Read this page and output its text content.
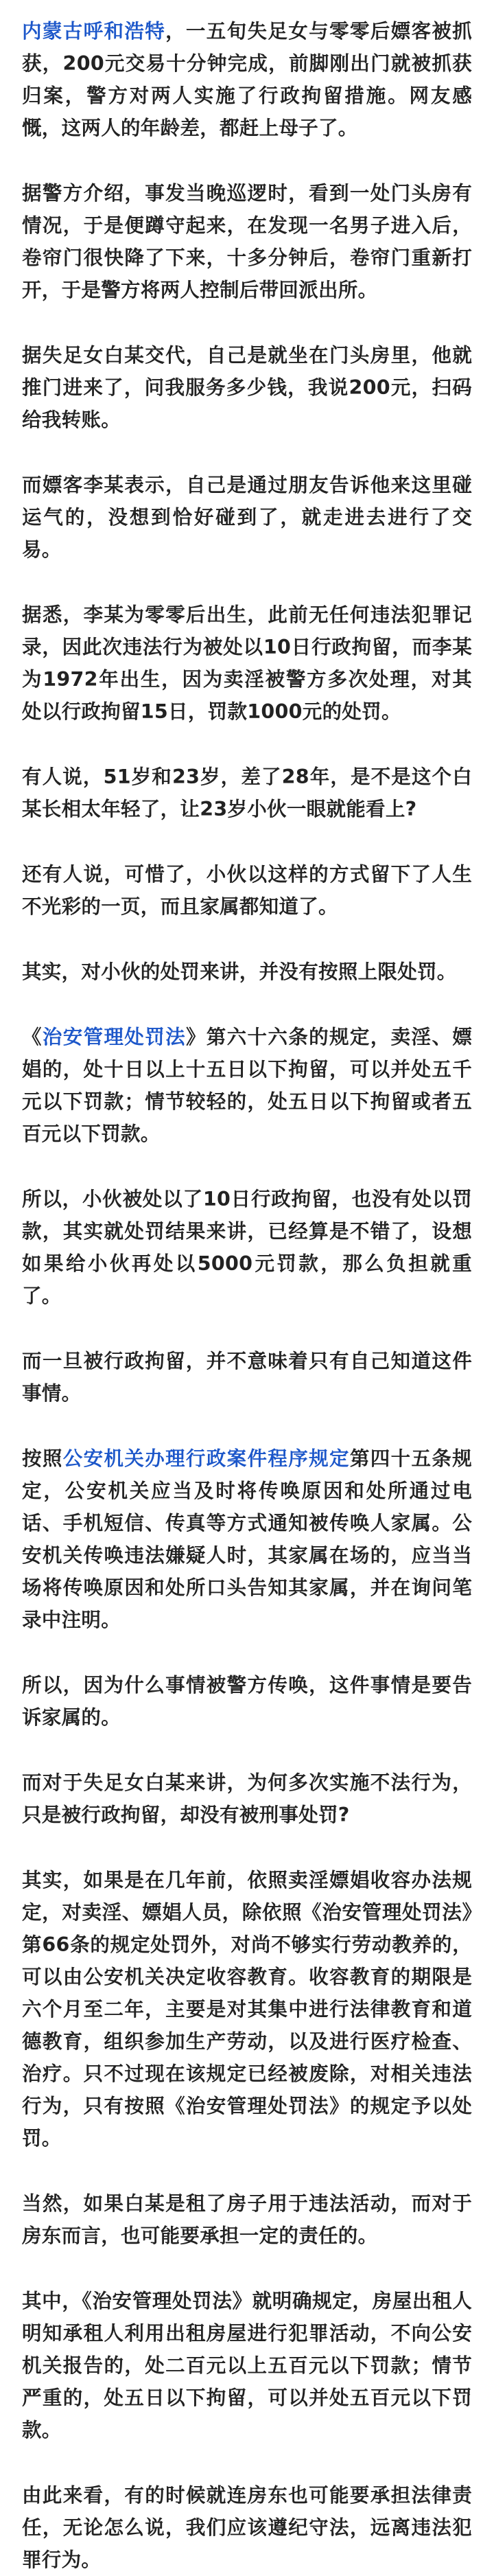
内蒙古呼和浩特，一五旬失足女与零零后嫖客被抓获，200元交易十分钟完成，前脚刚出门就被抓获归案，警方对两人实施了行政拘留措施。网友感慨，这两人的年龄差，都赶上母子了。

据警方介绍，事发当晚巡逻时，看到一处门头房有情况，于是便蹲守起来，在发现一名男子进入后，卷帘门很快降了下来，十多分钟后，卷帘门重新打开，于是警方将两人控制后带回派出所。

据失足女白某交代，自己是就坐在门头房里，他就推门进来了，问我服务多少钱，我说200元，扫码给我转账。

而嫖客李某表示，自己是通过朋友告诉他来这里碰运气的，没想到恰好碰到了，就走进去进行了交易。

据悉，李某为零零后出生，此前无任何违法犯罪记录，因此次违法行为被处以10日行政拘留，而李某为1972年出生，因为卖淫被警方多次处理，对其处以行政拘留15日，罚款1000元的处罚。

有人说，51岁和23岁，差了28年，是不是这个白某长相太年轻了，让23岁小伙一眼就能看上?

还有人说，可惜了，小伙以这样的方式留下了人生不光彩的一页，而且家属都知道了。

其实，对小伙的处罚来讲，并没有按照上限处罚。

《治安管理处罚法》第六十六条的规定，卖淫、嫖娼的，处十日以上十五日以下拘留，可以并处五千元以下罚款；情节较轻的，处五日以下拘留或者五百元以下罚款。

所以，小伙被处以了10日行政拘留，也没有处以罚款，其实就处罚结果来讲，已经算是不错了，设想如果给小伙再处以5000元罚款，那么负担就重了。

而一旦被行政拘留，并不意味着只有自己知道这件事情。

按照公安机关办理行政案件程序规定第四十五条规定，公安机关应当及时将传唤原因和处所通过电话、手机短信、传真等方式通知被传唤人家属。公安机关传唤违法嫌疑人时，其家属在场的，应当当场将传唤原因和处所口头告知其家属，并在询问笔录中注明。

所以，因为什么事情被警方传唤，这件事情是要告诉家属的。

而对于失足女白某来讲，为何多次实施不法行为，只是被行政拘留，却没有被刑事处罚?

其实，如果是在几年前，依照卖淫嫖娼收容办法规定，对卖淫、嫖娼人员，除依照《治安管理处罚法》第66条的规定处罚外，对尚不够实行劳动教养的，可以由公安机关决定收容教育。收容教育的期限是六个月至二年，主要是对其集中进行法律教育和道德教育，组织参加生产劳动，以及进行医疗检查、治疗。只不过现在该规定已经被废除，对相关违法行为，只有按照《治安管理处罚法》的规定予以处罚。

当然，如果白某是租了房子用于违法活动，而对于房东而言，也可能要承担一定的责任的。

其中，《治安管理处罚法》就明确规定，房屋出租人明知承租人利用出租房屋进行犯罪活动，不向公安机关报告的，处二百元以上五百元以下罚款；情节严重的，处五日以下拘留，可以并处五百元以下罚款。

由此来看，有的时候就连房东也可能要承担法律责任，无论怎么说，我们应该遵纪守法，远离违法犯罪行为。
